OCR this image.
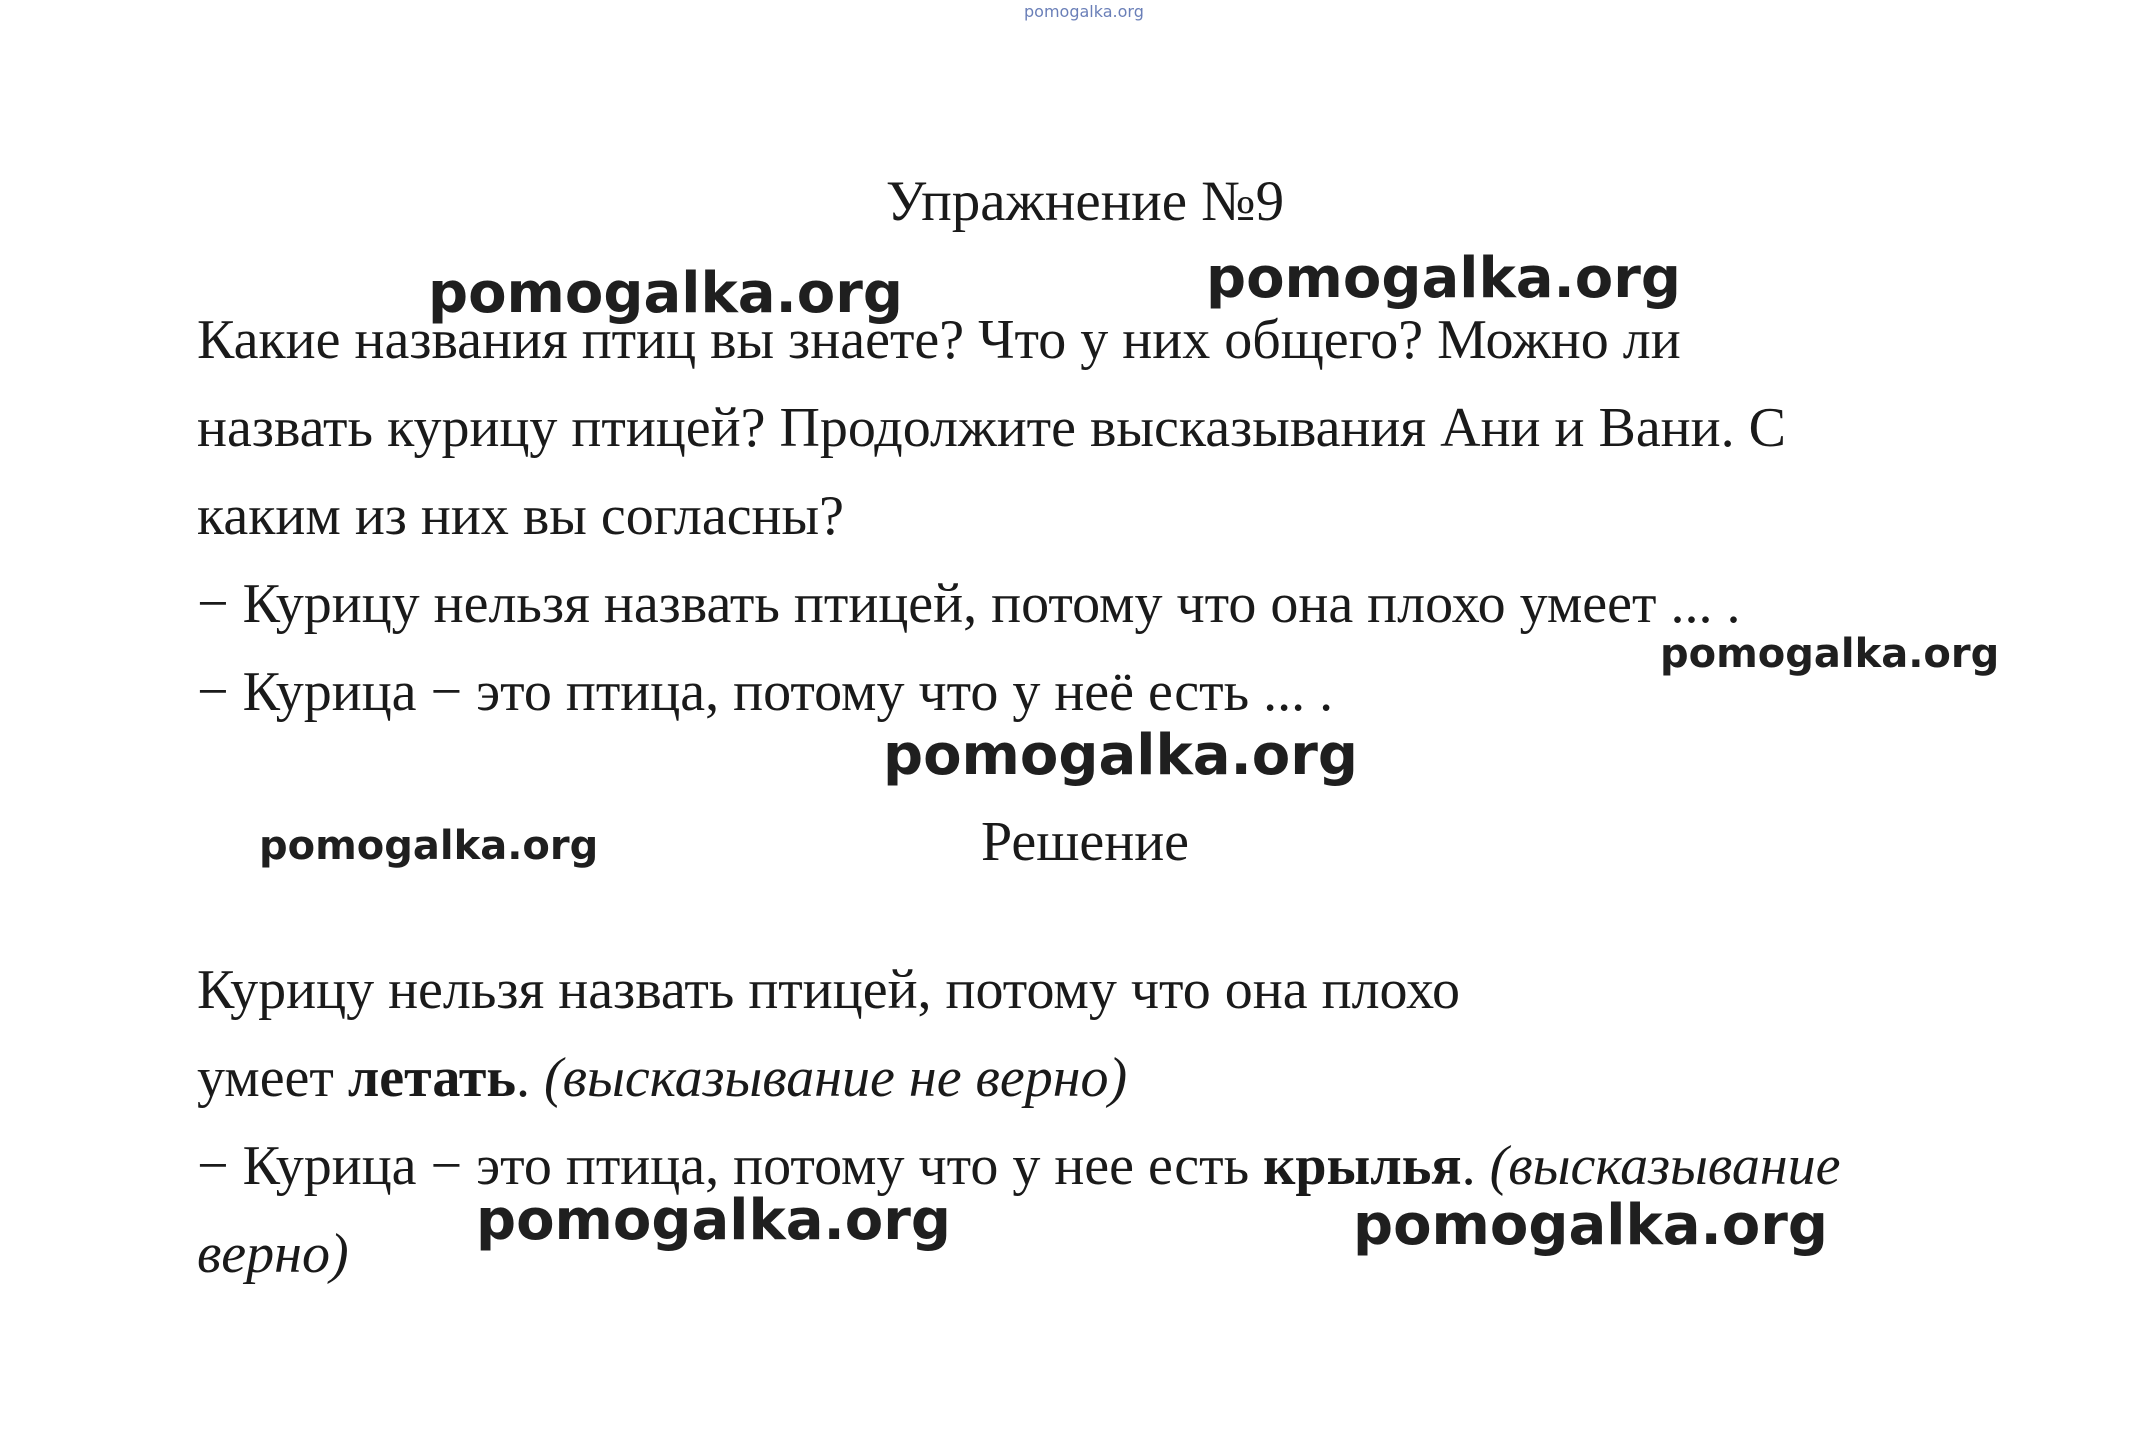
pomogalka.org
Упражнение №9
Какие названия птиц вы знаете? Что у них общего? Можно ли
назвать курицу птицей? Продолжите высказывания Ани и Вани. С
каким из них вы согласны?
− Курицу нельзя назвать птицей, потому что она плохо умеет ... .
− Курица − это птица, потому что у неё есть ... .
Решение
Курицу нельзя назвать птицей, потому что она плохо
умеет летать. (высказывание не верно)
− Курица − это птица, потому что у нее есть крылья. (высказывание
верно)
pomogalka.org	pomogalka.org
pomogalka.org
pomogalka.org
pomogalka.org
pomogalka.org	pomogalka.org
